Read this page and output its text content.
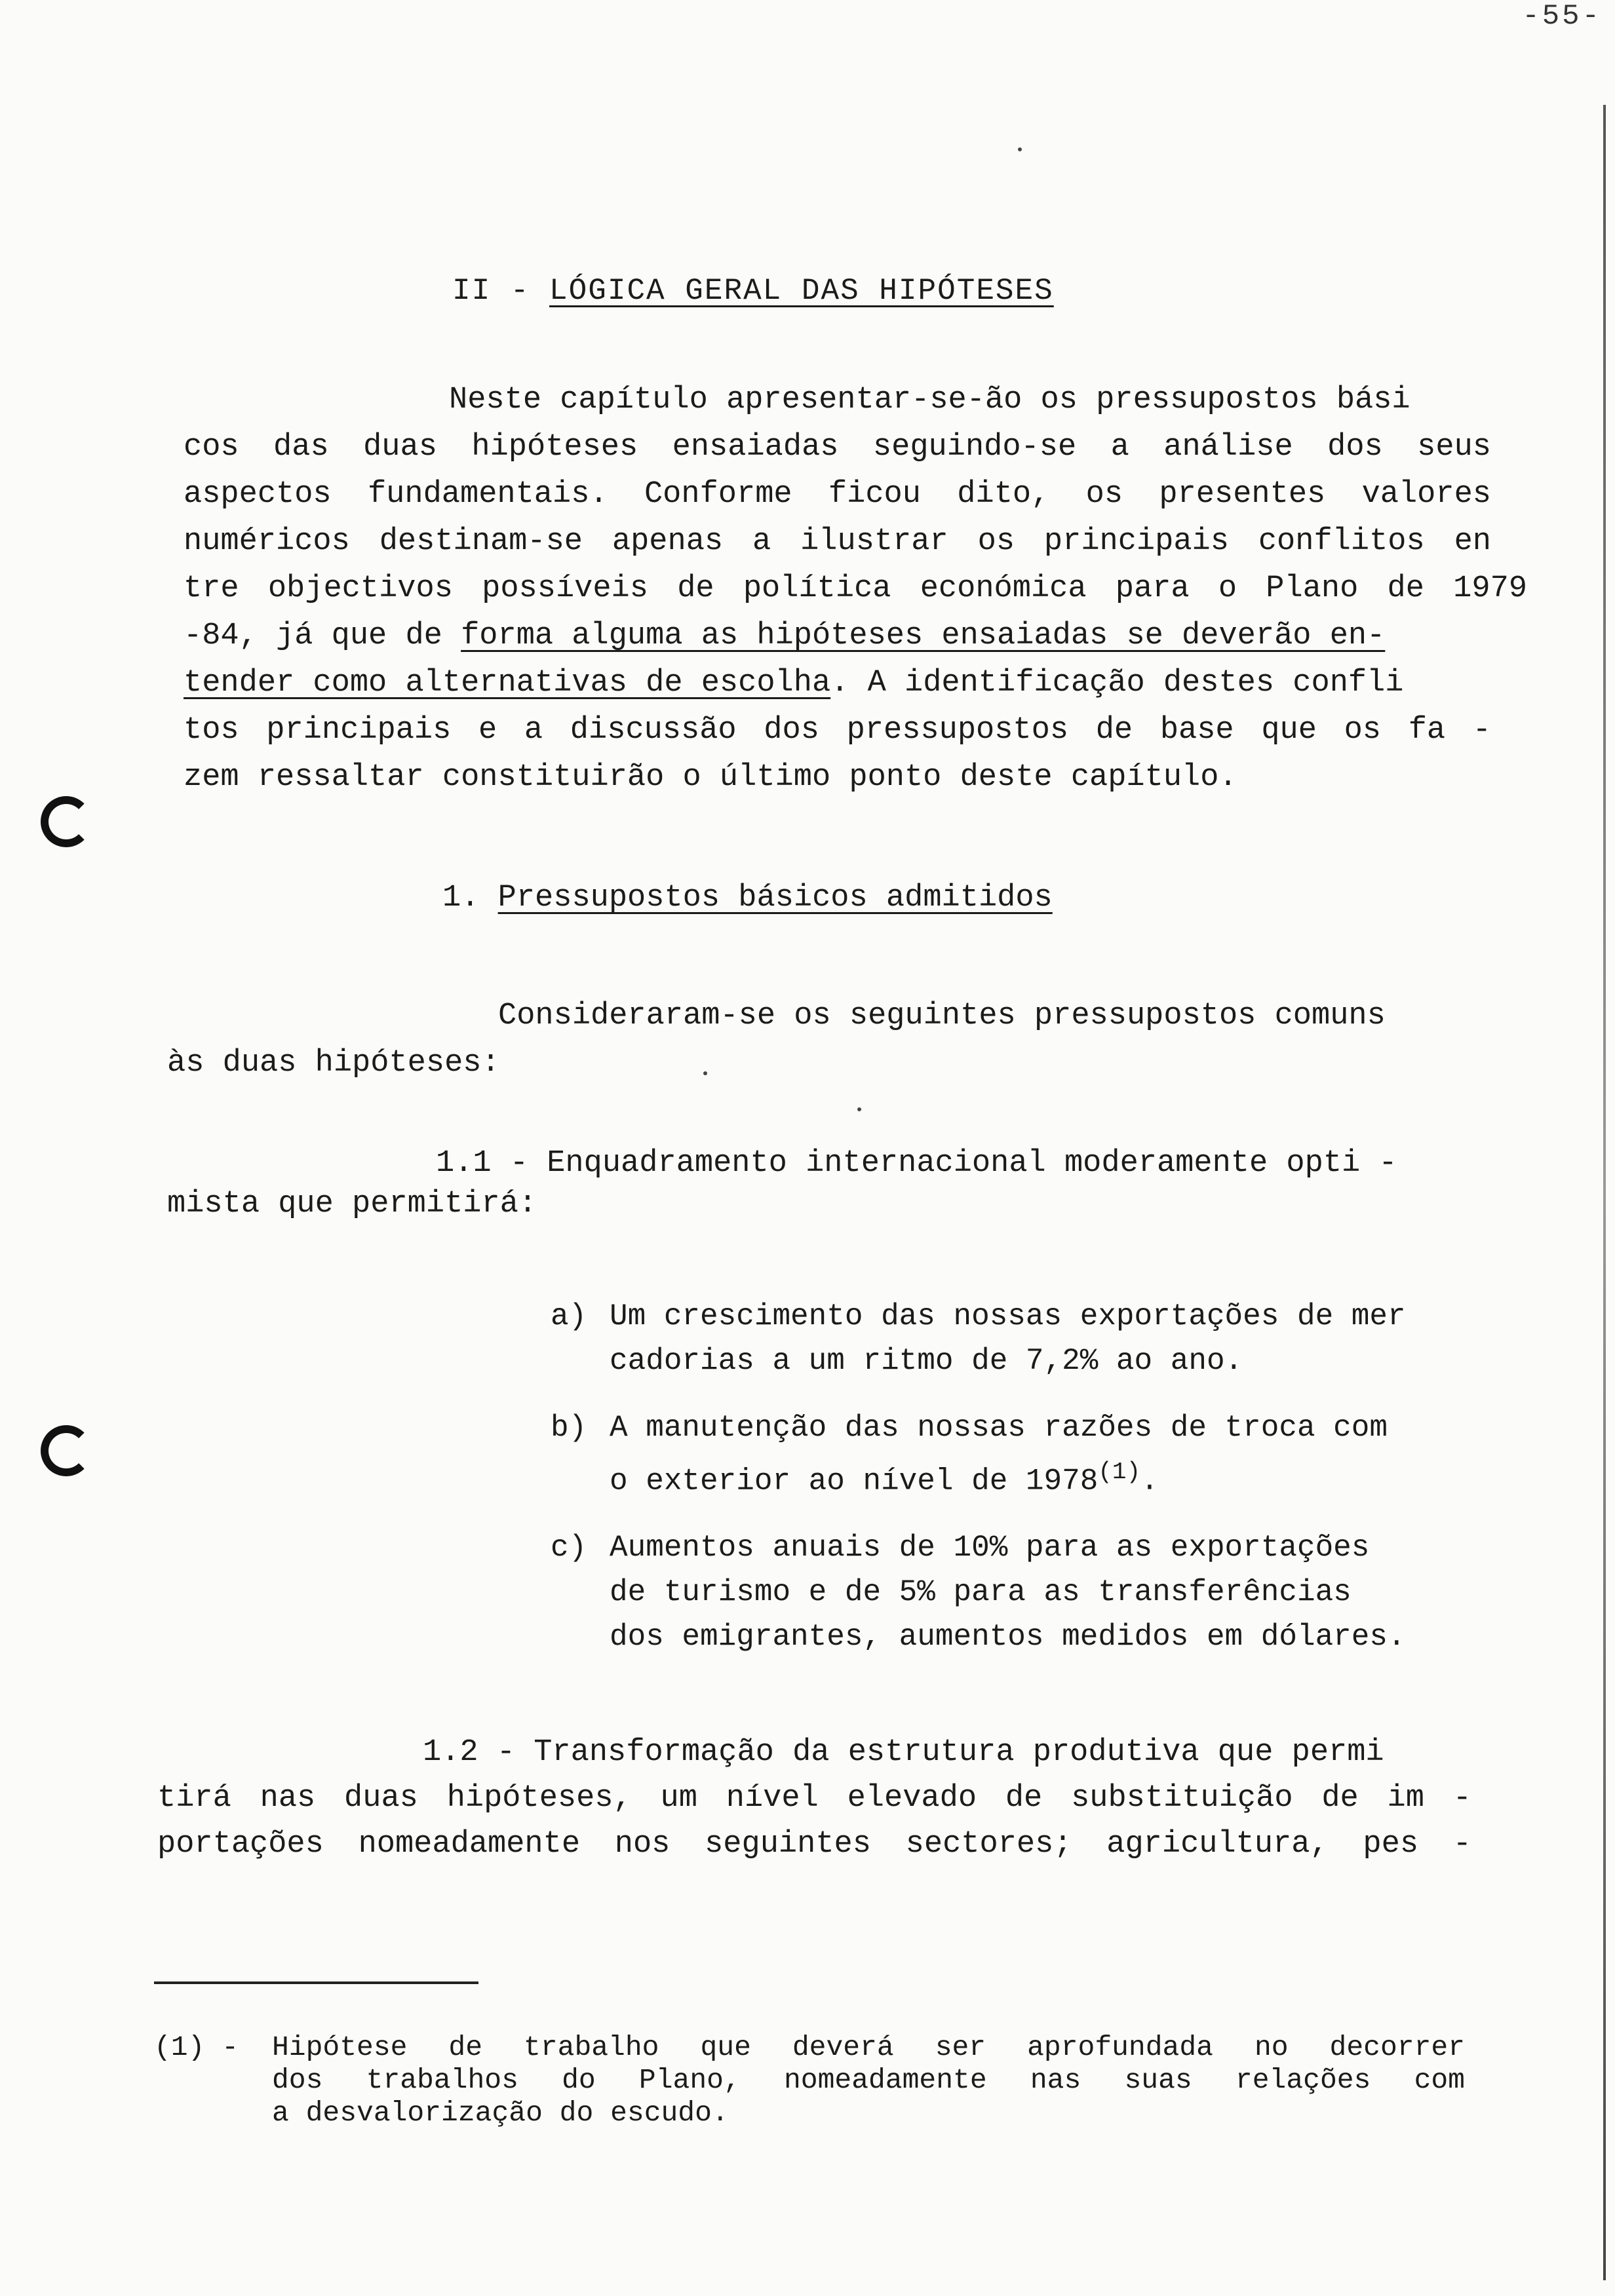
-55-
II - LÓGICA GERAL DAS HIPÓTESES
Neste capítulo apresentar-se-ão os pressupostos bási
cos das duas hipóteses ensaiadas seguindo-se a análise dos seus
aspectos fundamentais. Conforme ficou dito, os presentes valores
numéricos destinam-se apenas a ilustrar os principais conflitos en
tre objectivos possíveis de política económica para o Plano de 1979
-84, já que de forma alguma as hipóteses ensaiadas se deverão en-
tender como alternativas de escolha. A identificação destes confli
tos principais e a discussão dos pressupostos de base que os fa -
zem ressaltar constituirão o último ponto deste capítulo.
1. Pressupostos básicos admitidos
Consideraram-se os seguintes pressupostos comuns
às duas hipóteses:
1.1 - Enquadramento internacional moderamente opti -
mista que permitirá:
a) Um crescimento das nossas exportações de mer
cadorias a um ritmo de 7,2% ao ano.
b) A manutenção das nossas razões de troca com
o exterior ao nível de 1978$^{(1)}$.
c) Aumentos anuais de 10% para as exportações
de turismo e de 5% para as transferências
dos emigrantes, aumentos medidos em dólares.
1.2 - Transformação da estrutura produtiva que permi
tirá nas duas hipóteses, um nível elevado de substituição de im -
portações nomeadamente nos seguintes sectores; agricultura, pes -
(1) - Hipótese de trabalho que deverá ser aprofundada no decorrer
dos trabalhos do Plano, nomeadamente nas suas relações com
a desvalorização do escudo.
